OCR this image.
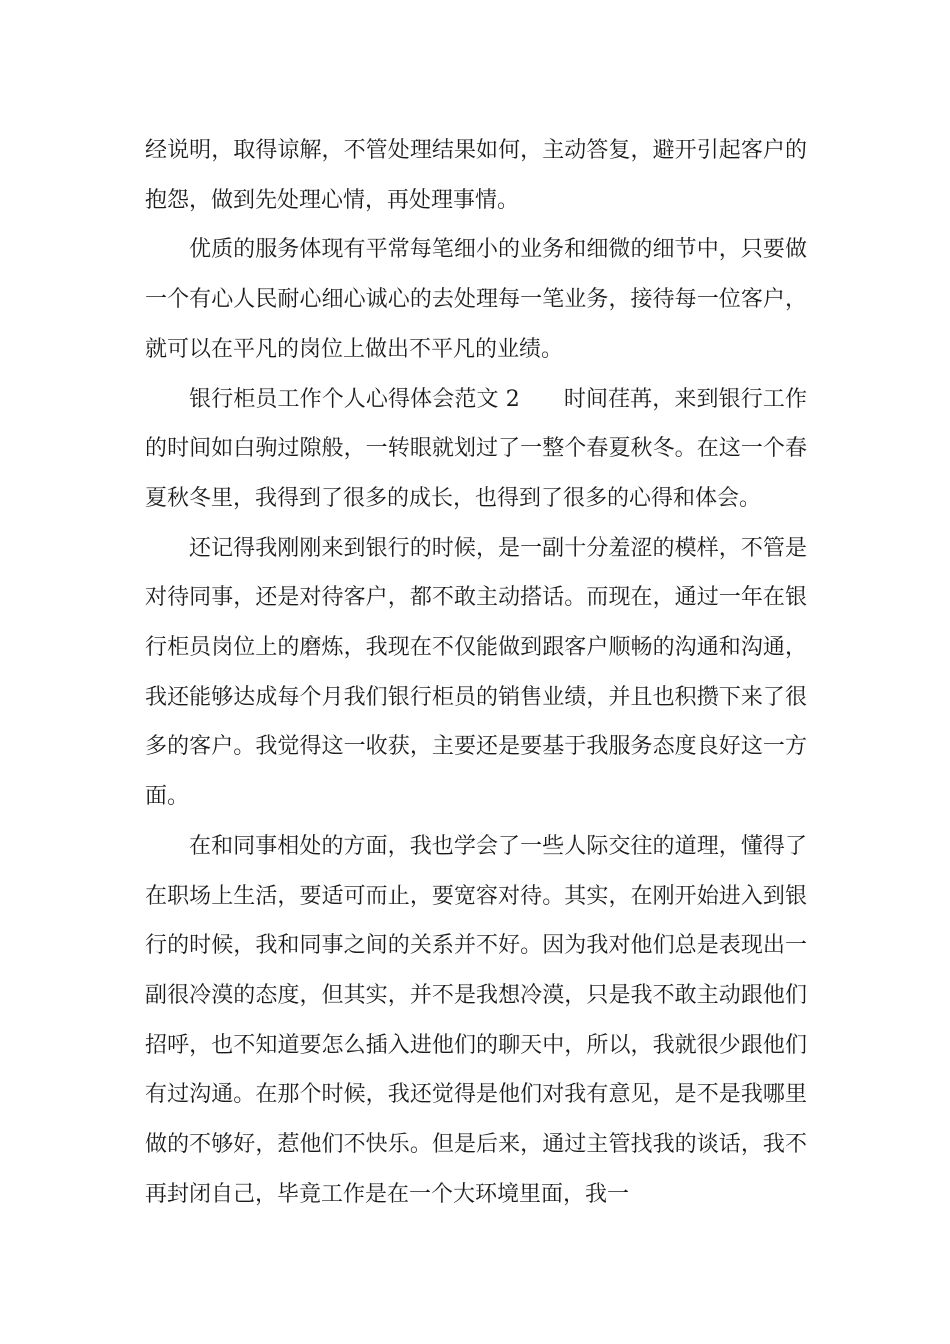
经说明，取得谅解，不管处理结果如何，主动答复，避开引起客户的抱怨，做到先处理心情，再处理事情。

优质的服务体现有平常每笔细小的业务和细微的细节中，只要做一个有心人民耐心细心诚心的去处理每一笔业务，接待每一位客户，就可以在平凡的岗位上做出不平凡的业绩。

银行柜员工作个人心得体会范文 2 时间荏苒，来到银行工作的时间如白驹过隙般，一转眼就划过了一整个春夏秋冬。在这一个春夏秋冬里，我得到了很多的成长，也得到了很多的心得和体会。

还记得我刚刚来到银行的时候，是一副十分羞涩的模样，不管是对待同事，还是对待客户，都不敢主动搭话。而现在，通过一年在银行柜员岗位上的磨炼，我现在不仅能做到跟客户顺畅的沟通和沟通，我还能够达成每个月我们银行柜员的销售业绩，并且也积攒下来了很多的客户。我觉得这一收获，主要还是要基于我服务态度良好这一方面。

在和同事相处的方面，我也学会了一些人际交往的道理，懂得了在职场上生活，要适可而止，要宽容对待。其实，在刚开始进入到银行的时候，我和同事之间的关系并不好。因为我对他们总是表现出一副很冷漠的态度，但其实，并不是我想冷漠，只是我不敢主动跟他们招呼，也不知道要怎么插入进他们的聊天中，所以，我就很少跟他们有过沟通。在那个时候，我还觉得是他们对我有意见，是不是我哪里做的不够好，惹他们不快乐。但是后来，通过主管找我的谈话，我不再封闭自己，毕竟工作是在一个大环境里面，我一
